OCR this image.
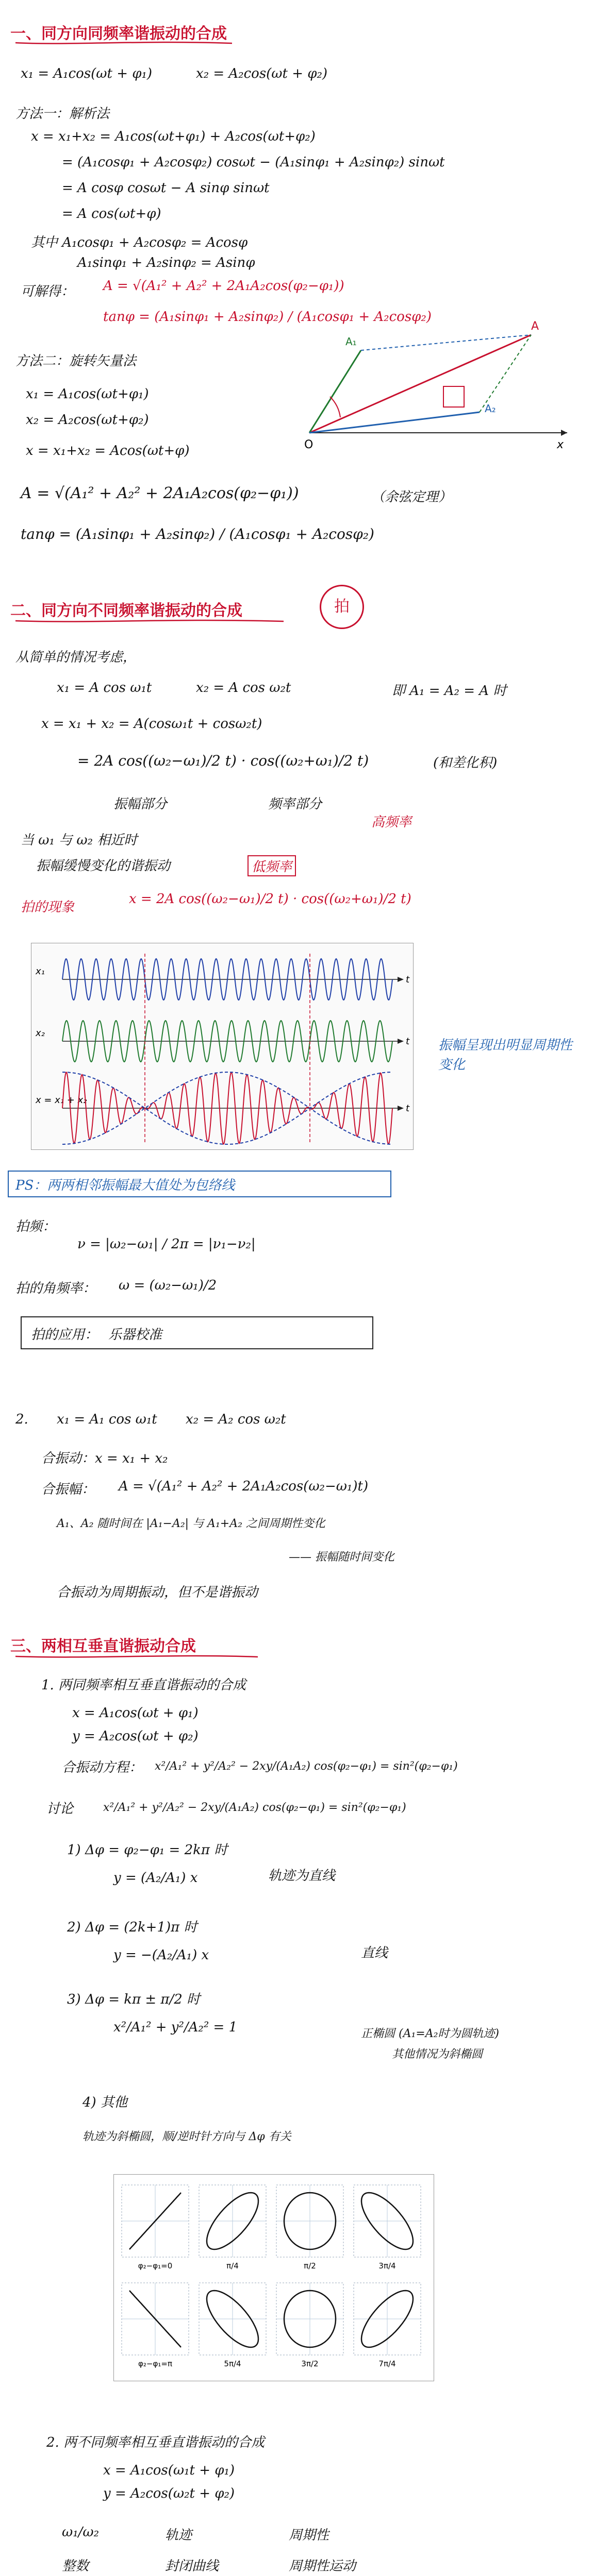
一、同方向同频率谐振动的合成
x₁ = A₁cos(ωt + φ₁)	x₂ = A₂cos(ωt + φ₂)
方法一：解析法
x = x₁+x₂ = A₁cos(ωt+φ₁) + A₂cos(ωt+φ₂)
= (A₁cosφ₁ + A₂cosφ₂) cosωt − (A₁sinφ₁ + A₂sinφ₂) sinωt
= A cosφ cosωt − A sinφ sinωt
= A cos(ωt+φ)
其中 A₁cosφ₁ + A₂cosφ₂ = Acosφ
A₁sinφ₁ + A₂sinφ₂ = Asinφ
可解得： A = √(A₁² + A₂² + 2A₁A₂cos(φ₂−φ₁))
tanφ = (A₁sinφ₁ + A₂sinφ₂) / (A₁cosφ₁ + A₂cosφ₂)
x
O
A
A₁
A₂
方法二：旋转矢量法
x₁ = A₁cos(ωt+φ₁)
x₂ = A₂cos(ωt+φ₂)
x = x₁+x₂ = Acos(ωt+φ)
A = √(A₁² + A₂² + 2A₁A₂cos(φ₂−φ₁))	（余弦定理）
tanφ = (A₁sinφ₁ + A₂sinφ₂) / (A₁cosφ₁ + A₂cosφ₂)
二、同方向不同频率谐振动的合成	拍
从简单的情况考虑，
x₁ = A cos ω₁t	x₂ = A cos ω₂t	即 A₁ = A₂ = A 时
x = x₁ + x₂ = A(cosω₁t + cosω₂t)
= 2A cos((ω₂−ω₁)/2 t) · cos((ω₂+ω₁)/2 t)	(和差化积)
振幅部分	频率部分
高频率
当 ω₁ 与 ω₂ 相近时
振幅缓慢变化的谐振动	低频率
拍的现象
x = 2A cos((ω₂−ω₁)/2 t) · cos((ω₂+ω₁)/2 t)
t
x₁
t
x₂
t
x = x₁ + x₂
振幅呈现出明显周期性变化
PS：两两相邻振幅最大值处为包络线
拍频：
ν = |ω₂−ω₁| / 2π = |ν₁−ν₂|
拍的角频率： ω = (ω₂−ω₁)/2
拍的应用： 乐器校准
2. x₁ = A₁ cos ω₁t x₂ = A₂ cos ω₂t
合振动：x = x₁ + x₂
合振幅： A = √(A₁² + A₂² + 2A₁A₂cos(ω₂−ω₁)t)
A₁、A₂ 随时间在 |A₁−A₂| 与 A₁+A₂ 之间周期性变化
—— 振幅随时间变化
合振动为周期振动，但不是谐振动
三、两相互垂直谐振动合成
1. 两同频率相互垂直谐振动的合成
x = A₁cos(ωt + φ₁)
y = A₂cos(ωt + φ₂)
合振动方程： x²/A₁² + y²/A₂² − 2xy/(A₁A₂) cos(φ₂−φ₁) = sin²(φ₂−φ₁)
讨论	x²/A₁² + y²/A₂² − 2xy/(A₁A₂) cos(φ₂−φ₁) = sin²(φ₂−φ₁)
1) Δφ = φ₂−φ₁ = 2kπ 时
y = (A₂/A₁) x	轨迹为直线
2) Δφ = (2k+1)π 时
y = −(A₂/A₁) x	直线
3) Δφ = kπ ± π/2 时
x²/A₁² + y²/A₂² = 1	正椭圆 (A₁=A₂时为圆轨迹)
其他情况为斜椭圆
4) 其他
轨迹为斜椭圆，顺/逆时针方向与 Δφ 有关
φ₂−φ₁=0	π/4	π/2	3π/4
φ₂−φ₁=π	5π/4	3π/2	7π/4
2. 两不同频率相互垂直谐振动的合成
x = A₁cos(ω₁t + φ₁)
y = A₂cos(ω₂t + φ₂)
ω₁/ω₂	轨迹	周期性
整数	封闭曲线	周期性运动
